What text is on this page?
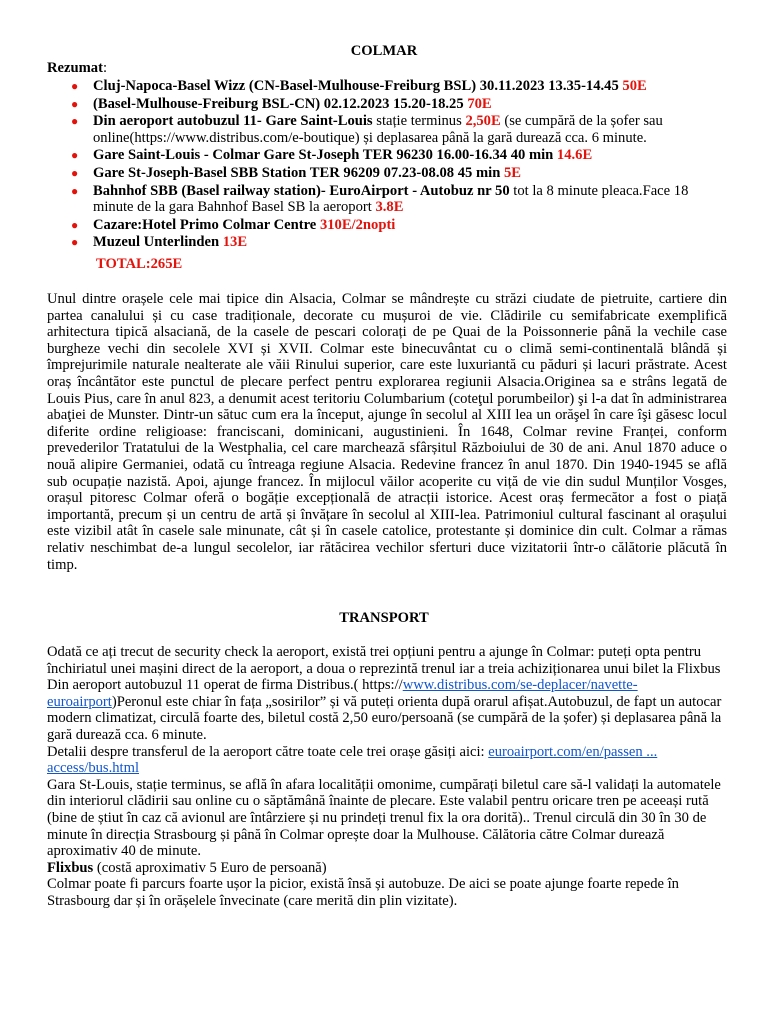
COLMAR
Rezumat:
● Cluj-Napoca-Basel Wizz (CN-Basel-Mulhouse-Freiburg BSL) 30.11.2023 13.35-14.45 50E
● (Basel-Mulhouse-Freiburg BSL-CN) 02.12.2023 15.20-18.25 70E
● Din aeroport autobuzul 11- Gare Saint-Louis stație terminus 2,50E (se cumpără de la șofer sau online(https://www.distribus.com/e-boutique) și deplasarea până la gară durează cca. 6 minute.
● Gare Saint-Louis - Colmar Gare St-Joseph TER 96230 16.00-16.34 40 min 14.6E
● Gare St-Joseph-Basel SBB Station TER 96209 07.23-08.08 45 min 5E
● Bahnhof SBB (Basel railway station)- EuroAirport - Autobuz nr 50 tot la 8 minute pleaca.Face 18 minute de la gara Bahnhof Basel SB la aeroport 3.8E
● Cazare:Hotel Primo Colmar Centre 310E/2nopti
● Muzeul Unterlinden 13E
TOTAL:265E

Unul dintre orașele cele mai tipice din Alsacia, Colmar se mândrește cu străzi ciudate de pietruite, cartiere din partea canalului și cu case tradiționale, decorate cu mușuroi de vie. Clădirile cu semifabricate exemplifică arhitectura tipică alsaciană, de la casele de pescari colorați de pe Quai de la Poissonnerie până la vechile case burgheze vechi din secolele XVI și XVII. Colmar este binecuvântat cu o climă semi-continentală blândă și împrejurimile naturale nealterate ale văii Rinului superior, care este luxuriantă cu păduri și lacuri prăstrate. Acest oraș încântător este punctul de plecare perfect pentru explorarea regiunii Alsacia.Originea sa e strâns legată de Louis Pius, care în anul 823, a denumit acest teritoriu Columbarium (coteţul porumbeilor) şi l-a dat în administrarea abaţiei de Munster. Dintr-un sătuc cum era la început, ajunge în secolul al XIII lea un orăşel în care îşi găsesc locul diferite ordine religioase: franciscani, dominicani, augustinieni. În 1648, Colmar revine Franței, conform prevederilor Tratatului de la Westphalia, cel care marchează sfârșitul Războiului de 30 de ani. Anul 1870 aduce o nouă alipire Germaniei, odată cu întreaga regiune Alsacia. Redevine francez în anul 1870. Din 1940-1945 se află sub ocupație nazistă. Apoi, ajunge francez. În mijlocul văilor acoperite cu viță de vie din sudul Munților Vosges, orașul pitoresc Colmar oferă o bogăție excepțională de atracții istorice. Acest oraș fermecător a fost o piață importantă, precum și un centru de artă și învățare în secolul al XIII-lea. Patrimoniul cultural fascinant al orașului este vizibil atât în casele sale minunate, cât și în casele catolice, protestante și dominice din cult. Colmar a rămas relativ neschimbat de-a lungul secolelor, iar rătăcirea vechilor sferturi duce vizitatorii într-o călătorie plăcută în timp.

TRANSPORT
Odată ce ați trecut de security check la aeroport, există trei opțiuni pentru a ajunge în Colmar: puteți opta pentru închiriatul unei mașini direct de la aeroport, a doua o reprezintă trenul iar a treia achiziționarea unui bilet la Flixbus
Din aeroport autobuzul 11 operat de firma Distribus.( https://www.distribus.com/se-deplacer/navette-euroairport)Peronul este chiar în fața „sosirilor” și vă puteți orienta după orarul afișat.Autobuzul, de fapt un autocar modern climatizat, circulă foarte des, biletul costă 2,50 euro/persoană (se cumpără de la șofer) și deplasarea până la gară durează cca. 6 minute.
Detalii despre transferul de la aeroport către toate cele trei orașe găsiți aici: euroairport.com/en/passen ... access/bus.html
Gara St-Louis, stație terminus, se află în afara localității omonime, cumpărați biletul care să-l validați la automatele din interiorul clădirii sau online cu o săptămână înainte de plecare. Este valabil pentru oricare tren pe aceeași rută (bine de știut în caz că avionul are întârziere și nu prindeți trenul fix la ora dorită).. Trenul circulă din 30 în 30 de minute în direcția Strasbourg și până în Colmar oprește doar la Mulhouse. Călătoria către Colmar durează aproximativ 40 de minute.
Flixbus (costă aproximativ 5 Euro de persoană)
Colmar poate fi parcurs foarte ușor la picior, există însă și autobuze. De aici se poate ajunge foarte repede în Strasbourg dar și în orășelele învecinate (care merită din plin vizitate).
